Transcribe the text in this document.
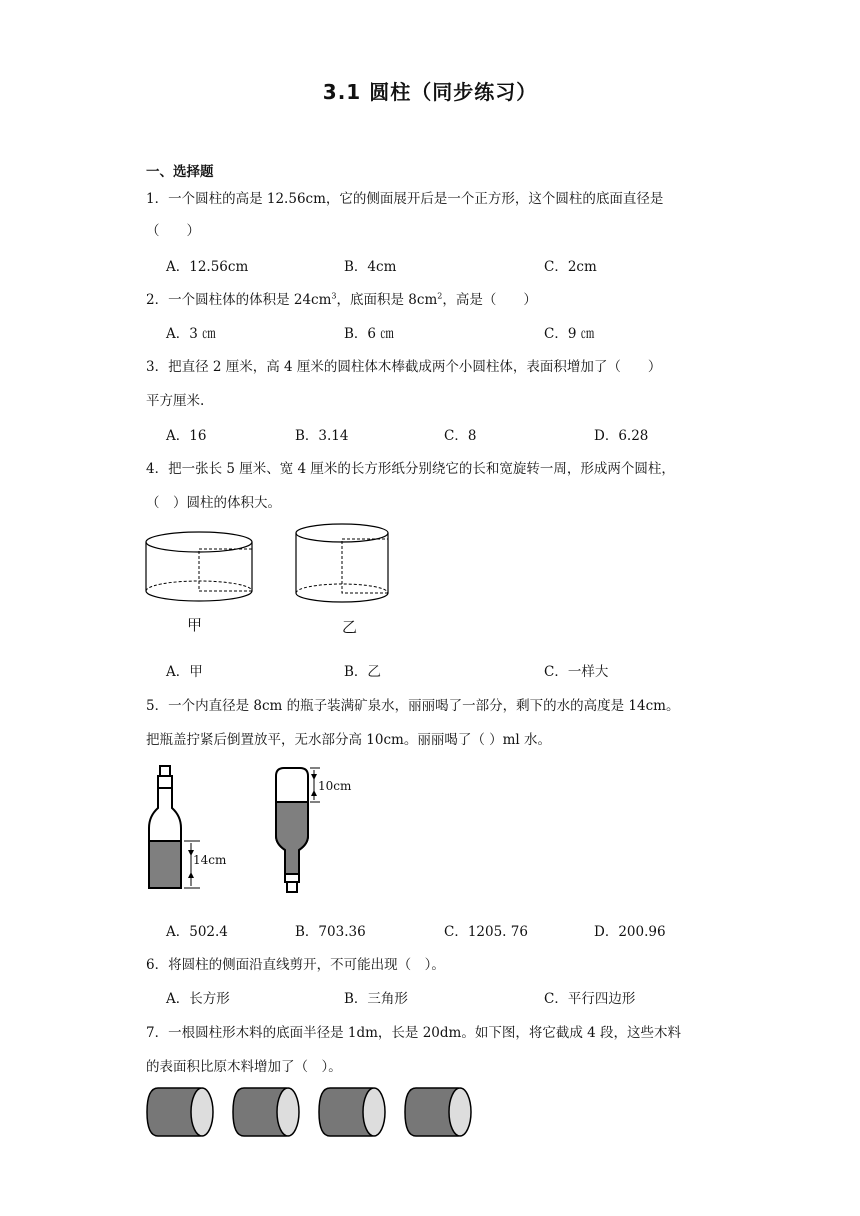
3.1 圆柱（同步练习）
一、选择题
1．一个圆柱的高是 12.56cm，它的侧面展开后是一个正方形，这个圆柱的底面直径是
（　　）
A．12.56cm	B．4cm	C．2cm
2．一个圆柱体的体积是 $24cm^3$，底面积是 $8cm^2$，高是（　　）
A．3 ㎝	B．6 ㎝	C．9 ㎝
3．把直径 2 厘米，高 4 厘米的圆柱体木棒截成两个小圆柱体，表面积增加了（　　）
平方厘米.
A．16	B．3.14	C．8	D．6.28
4．把一张长 5 厘米、宽 4 厘米的长方形纸分别绕它的长和宽旋转一周，形成两个圆柱，
（　）圆柱的体积大。
甲	乙
A．甲	B．乙	C．一样大
5．一个内直径是 8cm 的瓶子装满矿泉水，丽丽喝了一部分，剩下的水的高度是 14cm。
把瓶盖拧紧后倒置放平，无水部分高 10cm。丽丽喝了（ ）ml 水。
14cm
10cm
A．502.4	B．703.36	C．1205. 76	D．200.96
6．将圆柱的侧面沿直线剪开，不可能出现（　）。
A．长方形	B．三角形	C．平行四边形
7．一根圆柱形木料的底面半径是 1dm，长是 20dm。如下图，将它截成 4 段，这些木料
的表面积比原木料增加了（　）。
